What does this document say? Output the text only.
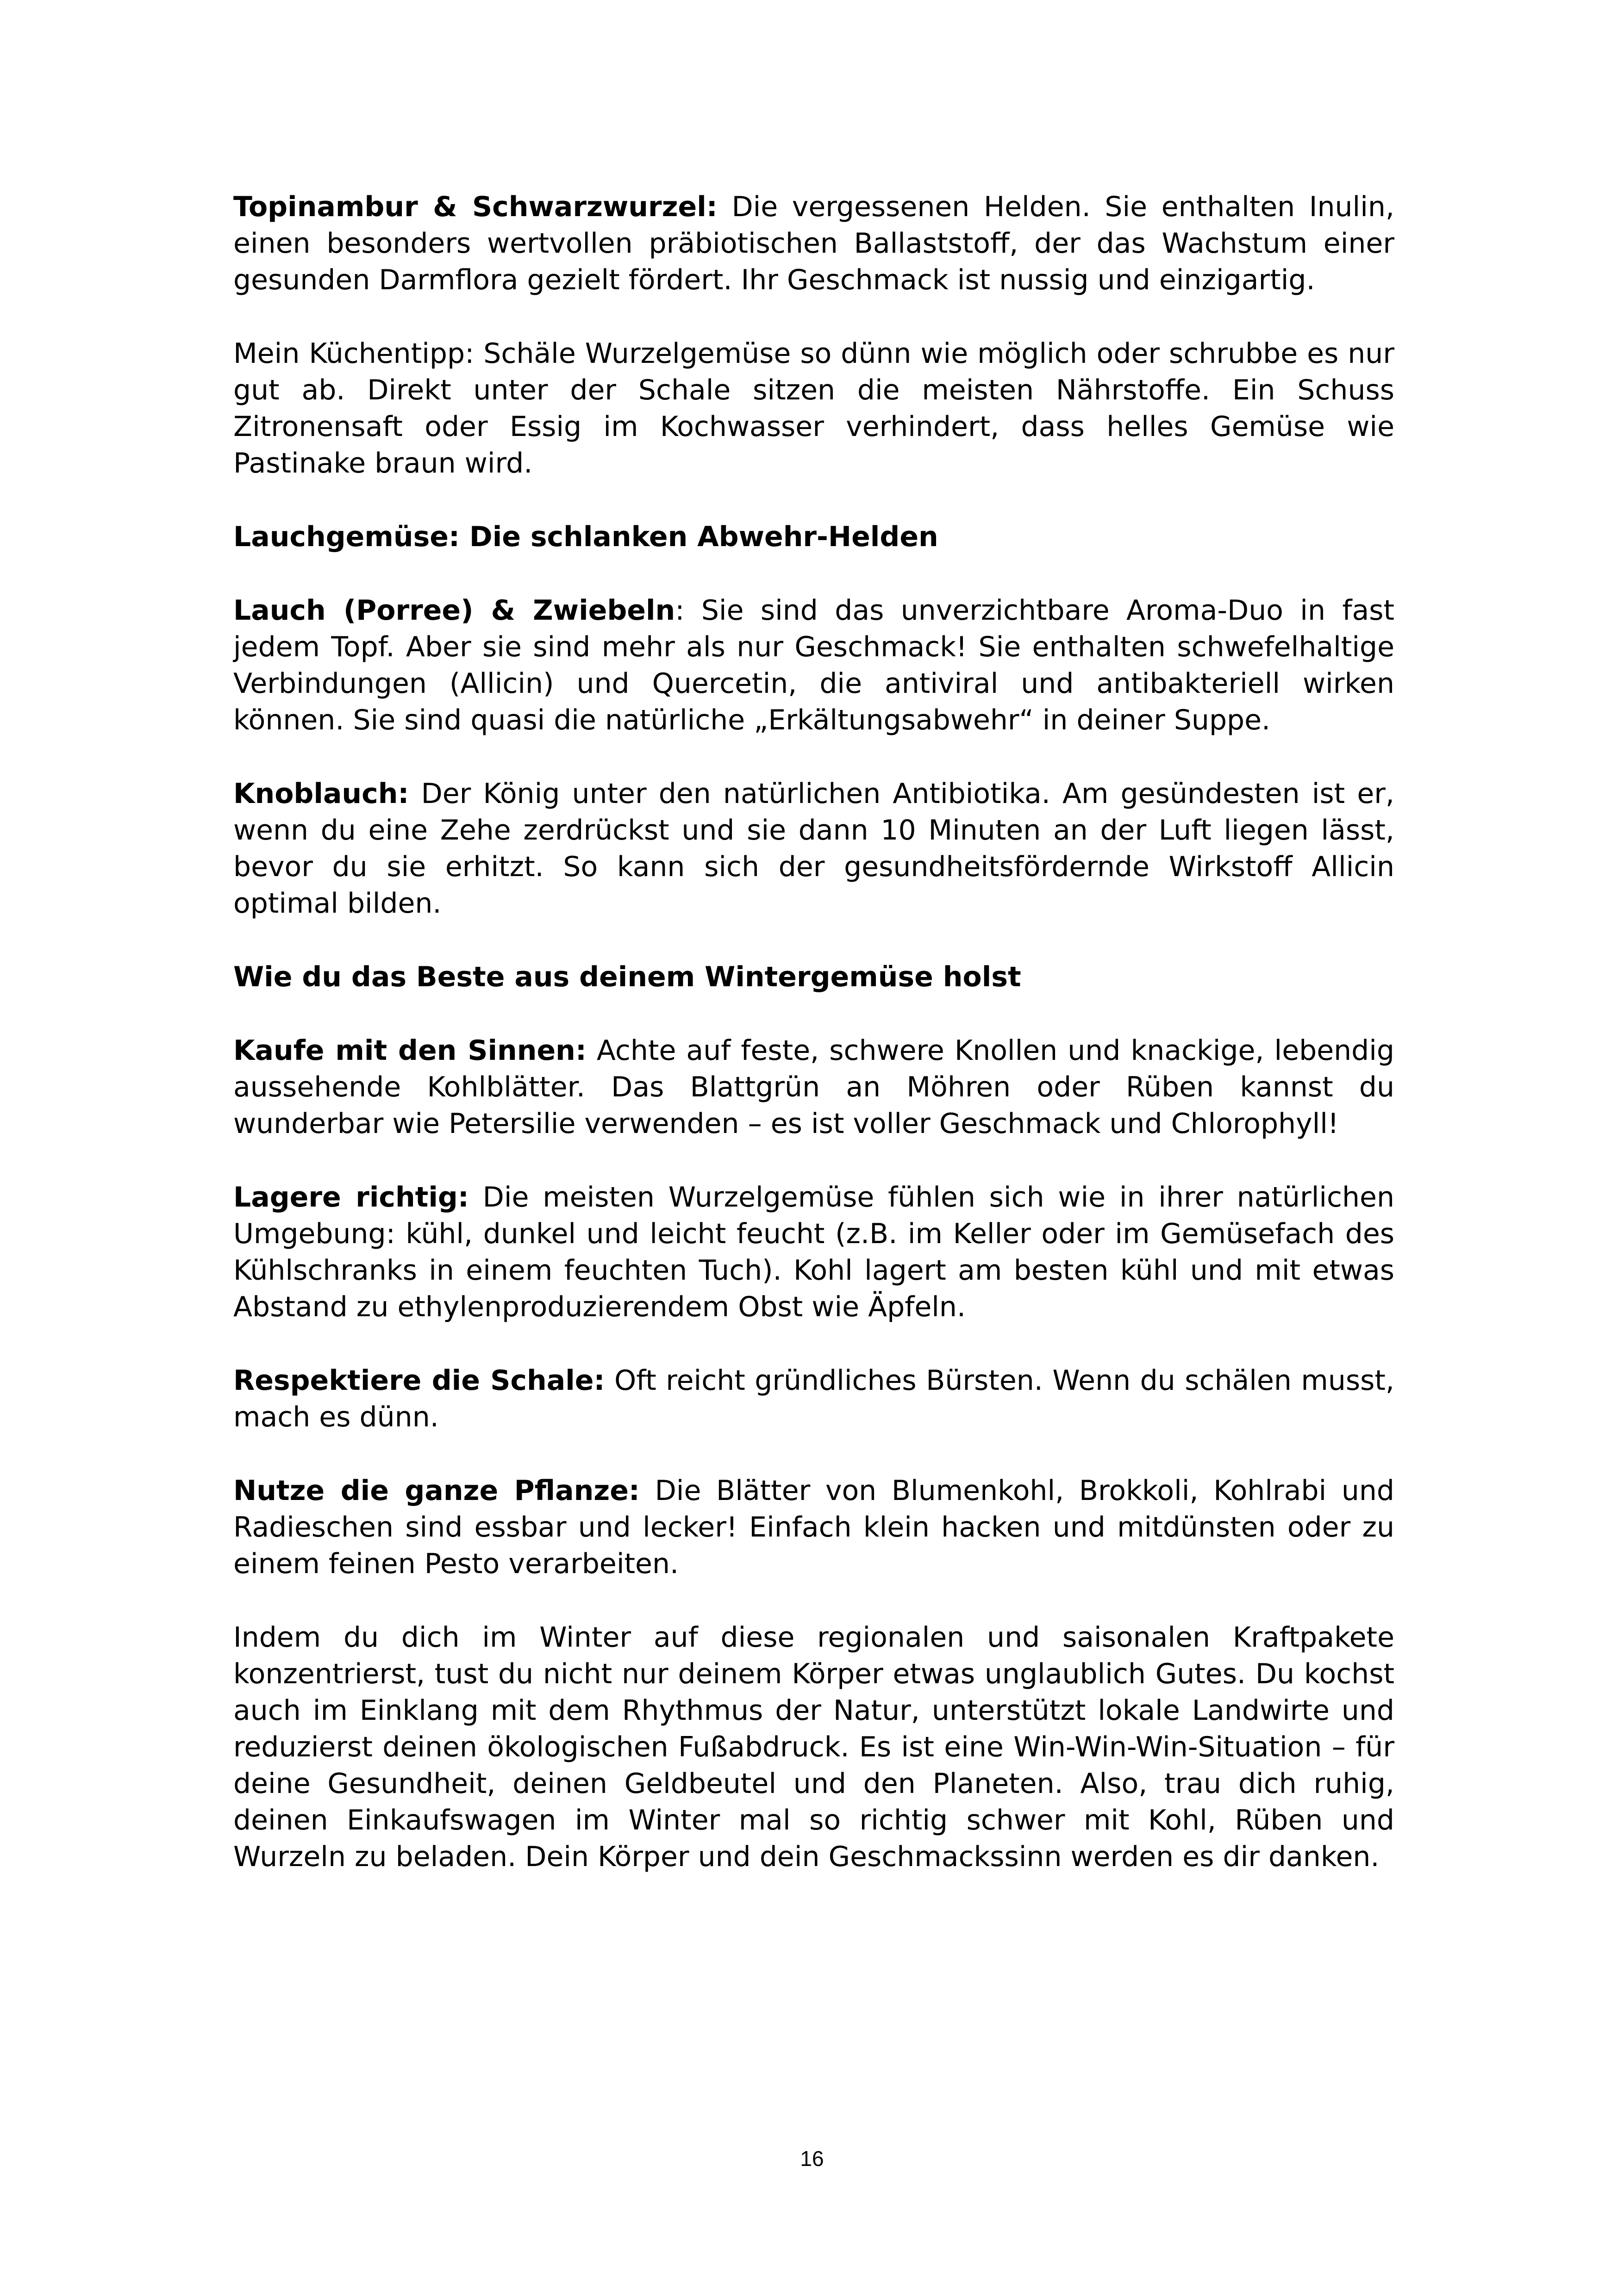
Topinambur & Schwarzwurzel: Die vergessenen Helden. Sie enthalten Inulin, einen besonders wertvollen präbiotischen Ballaststoff, der das Wachstum einer gesunden Darmflora gezielt fördert. Ihr Geschmack ist nussig und einzigartig.

Mein Küchentipp: Schäle Wurzelgemüse so dünn wie möglich oder schrubbe es nur gut ab. Direkt unter der Schale sitzen die meisten Nährstoffe. Ein Schuss Zitronensaft oder Essig im Kochwasser verhindert, dass helles Gemüse wie Pastinake braun wird.

Lauchgemüse: Die schlanken Abwehr-Helden

Lauch (Porree) & Zwiebeln: Sie sind das unverzichtbare Aroma-Duo in fast jedem Topf. Aber sie sind mehr als nur Geschmack! Sie enthalten schwefelhaltige Verbindungen (Allicin) und Quercetin, die antiviral und antibakteriell wirken können. Sie sind quasi die natürliche „Erkältungsabwehr“ in deiner Suppe.

Knoblauch: Der König unter den natürlichen Antibiotika. Am gesündesten ist er, wenn du eine Zehe zerdrückst und sie dann 10 Minuten an der Luft liegen lässt, bevor du sie erhitzt. So kann sich der gesundheitsfördernde Wirkstoff Allicin optimal bilden.

Wie du das Beste aus deinem Wintergemüse holst

Kaufe mit den Sinnen: Achte auf feste, schwere Knollen und knackige, lebendig aussehende Kohlblätter. Das Blattgrün an Möhren oder Rüben kannst du wunderbar wie Petersilie verwenden – es ist voller Geschmack und Chlorophyll!

Lagere richtig: Die meisten Wurzelgemüse fühlen sich wie in ihrer natürlichen Umgebung: kühl, dunkel und leicht feucht (z.B. im Keller oder im Gemüsefach des Kühlschranks in einem feuchten Tuch). Kohl lagert am besten kühl und mit etwas Abstand zu ethylenproduzierendem Obst wie Äpfeln.

Respektiere die Schale: Oft reicht gründliches Bürsten. Wenn du schälen musst, mach es dünn.

Nutze die ganze Pflanze: Die Blätter von Blumenkohl, Brokkoli, Kohlrabi und Radieschen sind essbar und lecker! Einfach klein hacken und mitdünsten oder zu einem feinen Pesto verarbeiten.

Indem du dich im Winter auf diese regionalen und saisonalen Kraftpakete konzentrierst, tust du nicht nur deinem Körper etwas unglaublich Gutes. Du kochst auch im Einklang mit dem Rhythmus der Natur, unterstützt lokale Landwirte und reduzierst deinen ökologischen Fußabdruck. Es ist eine Win-Win-Win-Situation – für deine Gesundheit, deinen Geldbeutel und den Planeten. Also, trau dich ruhig, deinen Einkaufswagen im Winter mal so richtig schwer mit Kohl, Rüben und Wurzeln zu beladen. Dein Körper und dein Geschmackssinn werden es dir danken.

16
